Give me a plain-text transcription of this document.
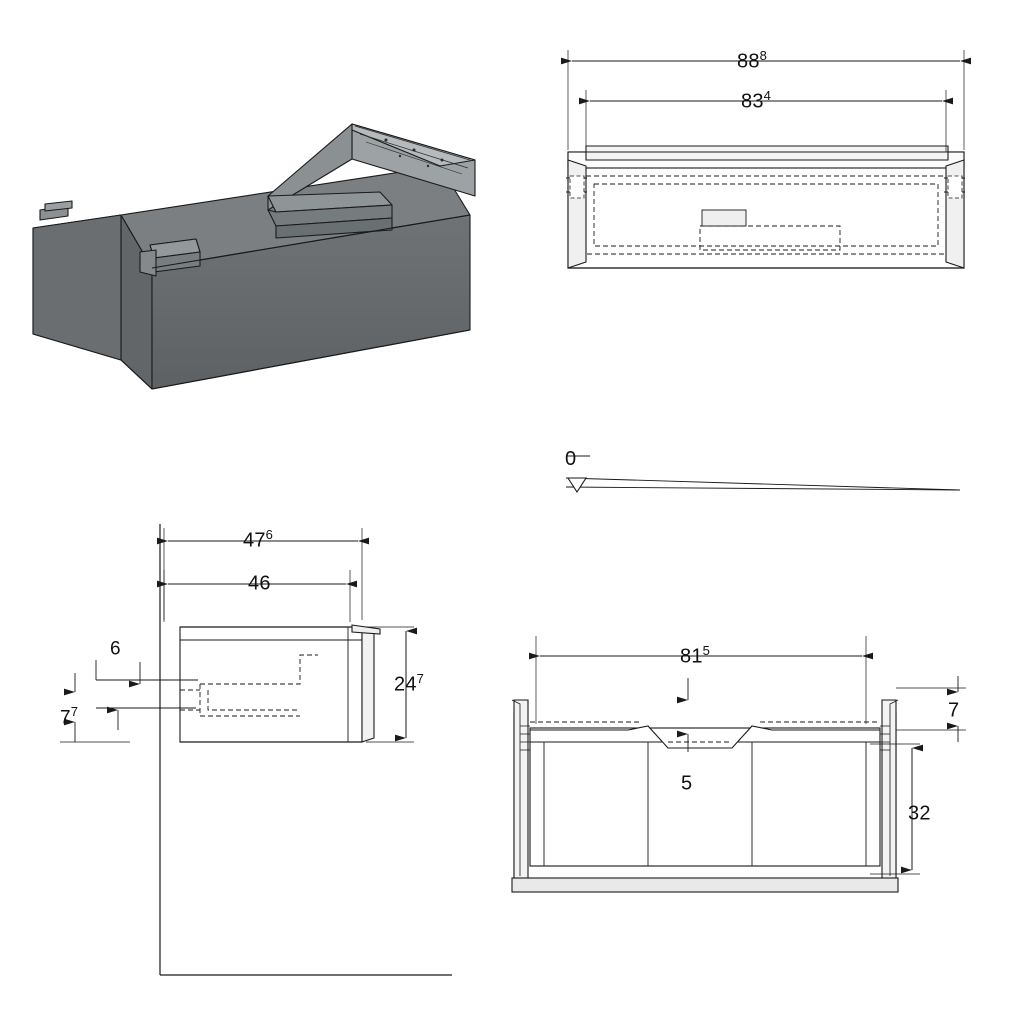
$88^8$
$83^4$
0
$47^6$
46
$24^7$
6
$7^7$
$81^5$
7
5
32
